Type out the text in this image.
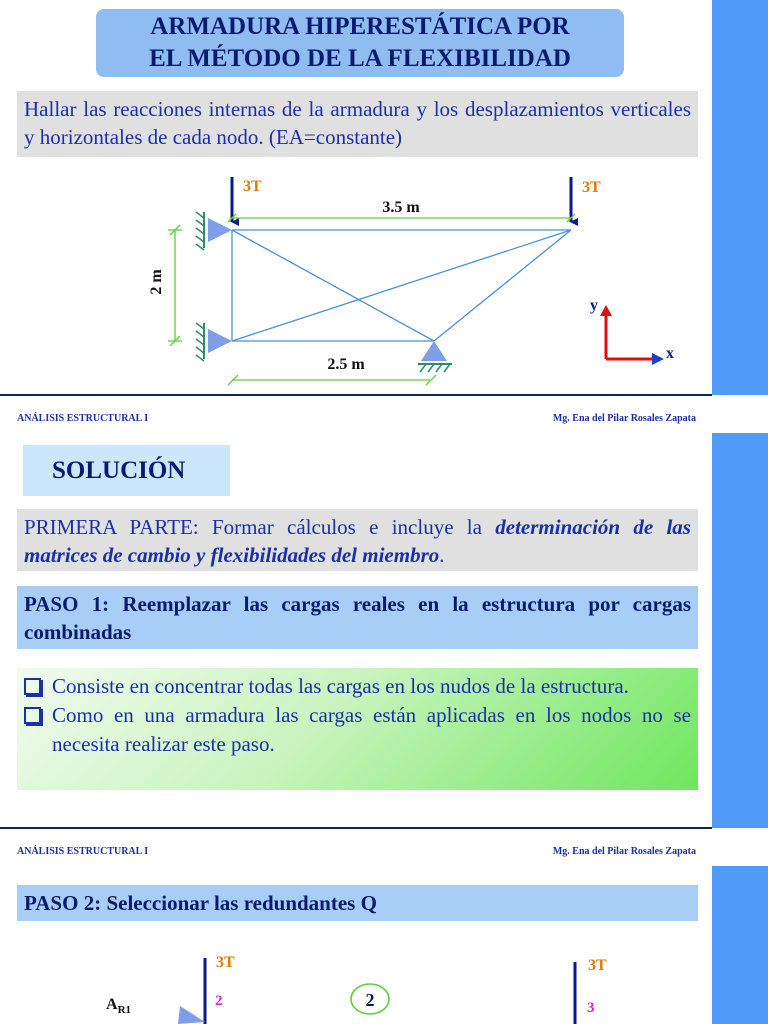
ARMADURA HIPERESTÁTICA POR
EL MÉTODO DE LA FLEXIBILIDAD
Hallar las reacciones internas de la armadura y los desplazamientos verticales y horizontales de cada nodo. (EA=constante)
3T	3T
3.5 m
2 m
2.5 m
y
x
ANÁLISIS ESTRUCTURAL I	Mg. Ena del Pilar Rosales Zapata
SOLUCIÓN
PRIMERA PARTE: Formar cálculos e incluye la determinación de las matrices de cambio y flexibilidades del miembro.
PASO 1: Reemplazar las cargas reales en la estructura por cargas combinadas
Consiste en concentrar todas las cargas en los nudos de la estructura.
Como en una armadura las cargas están aplicadas en los nodos no se necesita realizar este paso.
ANÁLISIS ESTRUCTURAL I	Mg. Ena del Pilar Rosales Zapata
PASO 2: Seleccionar las redundantes Q
3T	3T
2	3
$A_{R1}$	2
